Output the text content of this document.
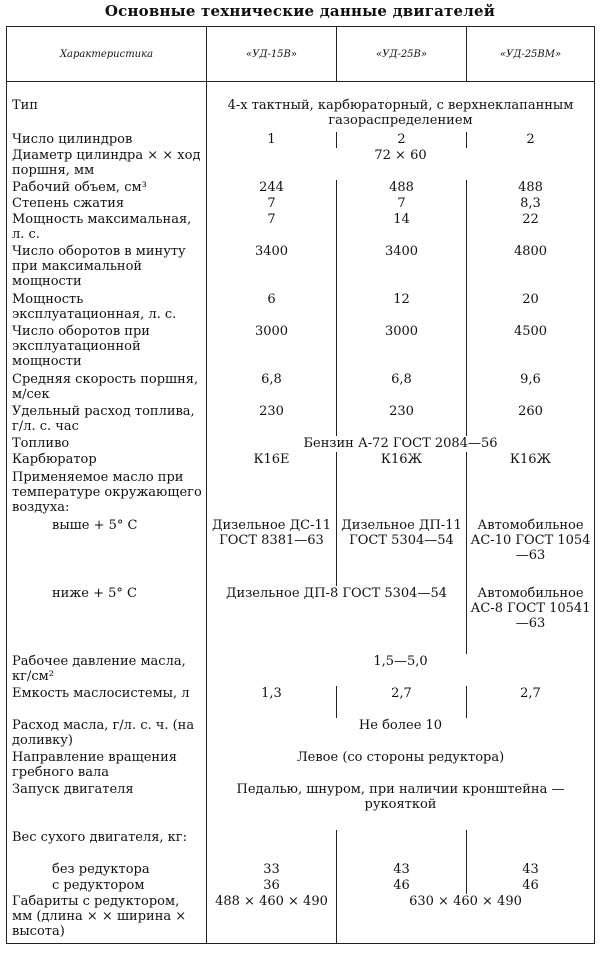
Основные технические данные двигателей
Характеристика	«УД-15В»	«УД-25В»	«УД-25ВМ»
Тип	4-х тактный, карбюраторный, с верхнеклапанным газораспределением		
Число цилиндров	1	2	2
Диаметр цилиндра × × ход поршня, мм	72 × 60		
Рабочий объем, см³	244	488	488
Степень сжатия	7	7	8,3
Мощность максимальная, л. с.	7	14	22
Число оборотов в минуту при максимальной мощности	3400	3400	4800
Мощность эксплуатационная, л. с.	6	12	20
Число оборотов при эксплуатационной мощности	3000	3000	4500
Средняя скорость поршня, м/сек	6,8	6,8	9,6
Удельный расход топлива, г/л. с. час	230	230	260
Топливо	Бензин А-72 ГОСТ 2084—56		
Карбюратор	К16Е	К16Ж	К16Ж
Применяемое масло при температуре окружающего воздуха:			
выше + 5° С	Дизельное ДС-11 ГОСТ 8381—63	Дизельное ДП-11 ГОСТ 5304—54	Автомобильное АС-10 ГОСТ 1054—63
ниже + 5° С	Дизельное ДП-8 ГОСТ 5304—54		Автомобильное АС-8 ГОСТ 10541—63
Рабочее давление масла, кг/см²	1,5—5,0		
Емкость маслосистемы, л	1,3	2,7	2,7
Расход масла, г/л. с. ч. (на доливку)	Не более 10		
Направление вращения гребного вала	Левое (со стороны редуктора)		
Запуск двигателя	Педалью, шнуром, при наличии кронштейна — рукояткой		
Вес сухого двигателя, кг:			
без редуктора	33	43	43
с редуктором	36	46	46
Габариты с редуктором, мм (длина × × ширина × высота)	488 × 460 × 490	630 × 460 × 490	
